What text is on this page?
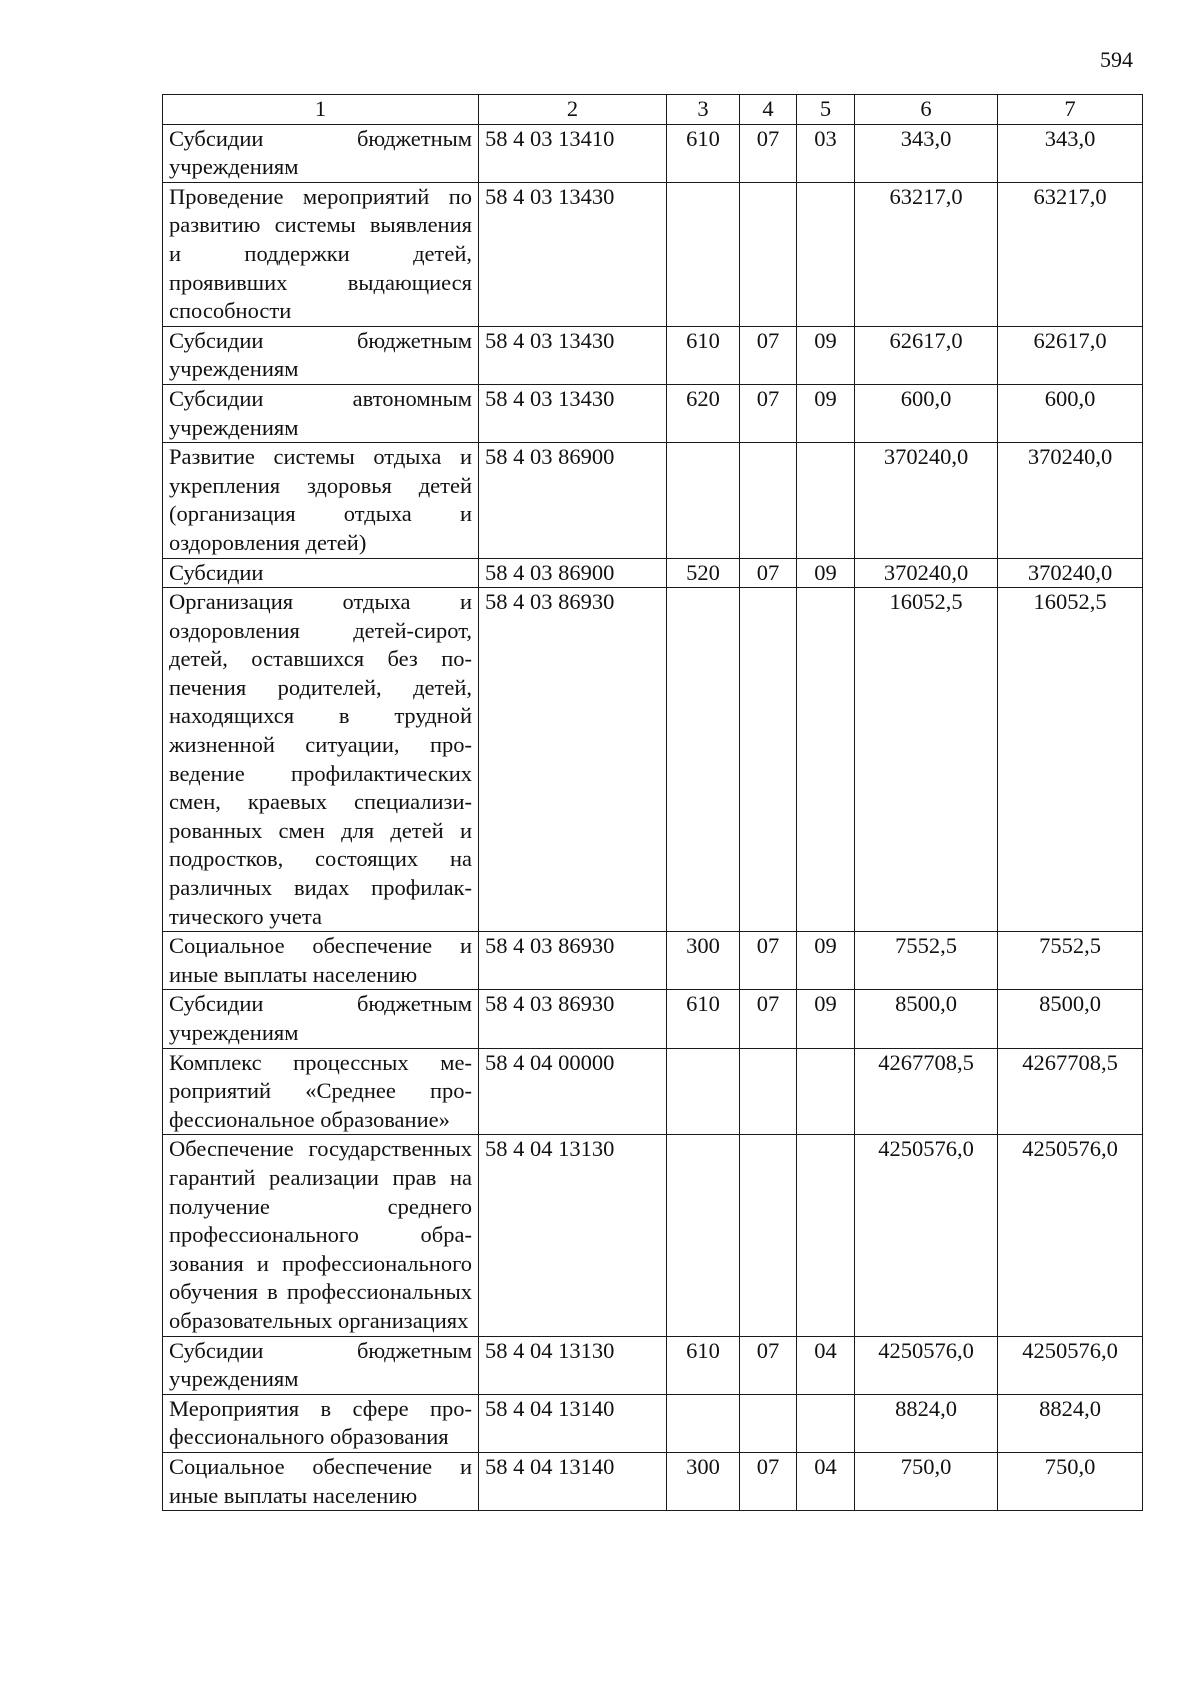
594
1	2	3	4	5	6	7
Субсидии бюджетным учреждениям	58 4 03 13410	610	07	03	343,0	343,0
Проведение мероприятий по развитию системы выявления и поддержки детей, проявивших выдающиеся способности	58 4 03 13430				63217,0	63217,0
Субсидии бюджетным учреждениям	58 4 03 13430	610	07	09	62617,0	62617,0
Субсидии автономным учреждениям	58 4 03 13430	620	07	09	600,0	600,0
Развитие системы отдыха и укрепления здоровья детей (организация отдыха и оздоровления детей)	58 4 03 86900				370240,0	370240,0
Субсидии	58 4 03 86900	520	07	09	370240,0	370240,0
Организация отдыха и оздоровления детей-сирот, детей, оставшихся без попечения родителей, детей, находящихся в трудной жизненной ситуации, проведение профилактических смен, краевых специализированных смен для детей и подростков, состоящих на различных видах профилактического учета	58 4 03 86930				16052,5	16052,5
Социальное обеспечение и иные выплаты населению	58 4 03 86930	300	07	09	7552,5	7552,5
Субсидии бюджетным учреждениям	58 4 03 86930	610	07	09	8500,0	8500,0
Комплекс процессных мероприятий «Среднее профессиональное образование»	58 4 04 00000				4267708,5	4267708,5
Обеспечение государственных гарантий реализации прав на получение среднего профессионального образования и профессионального обучения в профессиональных образовательных организациях	58 4 04 13130				4250576,0	4250576,0
Субсидии бюджетным учреждениям	58 4 04 13130	610	07	04	4250576,0	4250576,0
Мероприятия в сфере профессионального образования	58 4 04 13140				8824,0	8824,0
Социальное обеспечение и иные выплаты населению	58 4 04 13140	300	07	04	750,0	750,0
